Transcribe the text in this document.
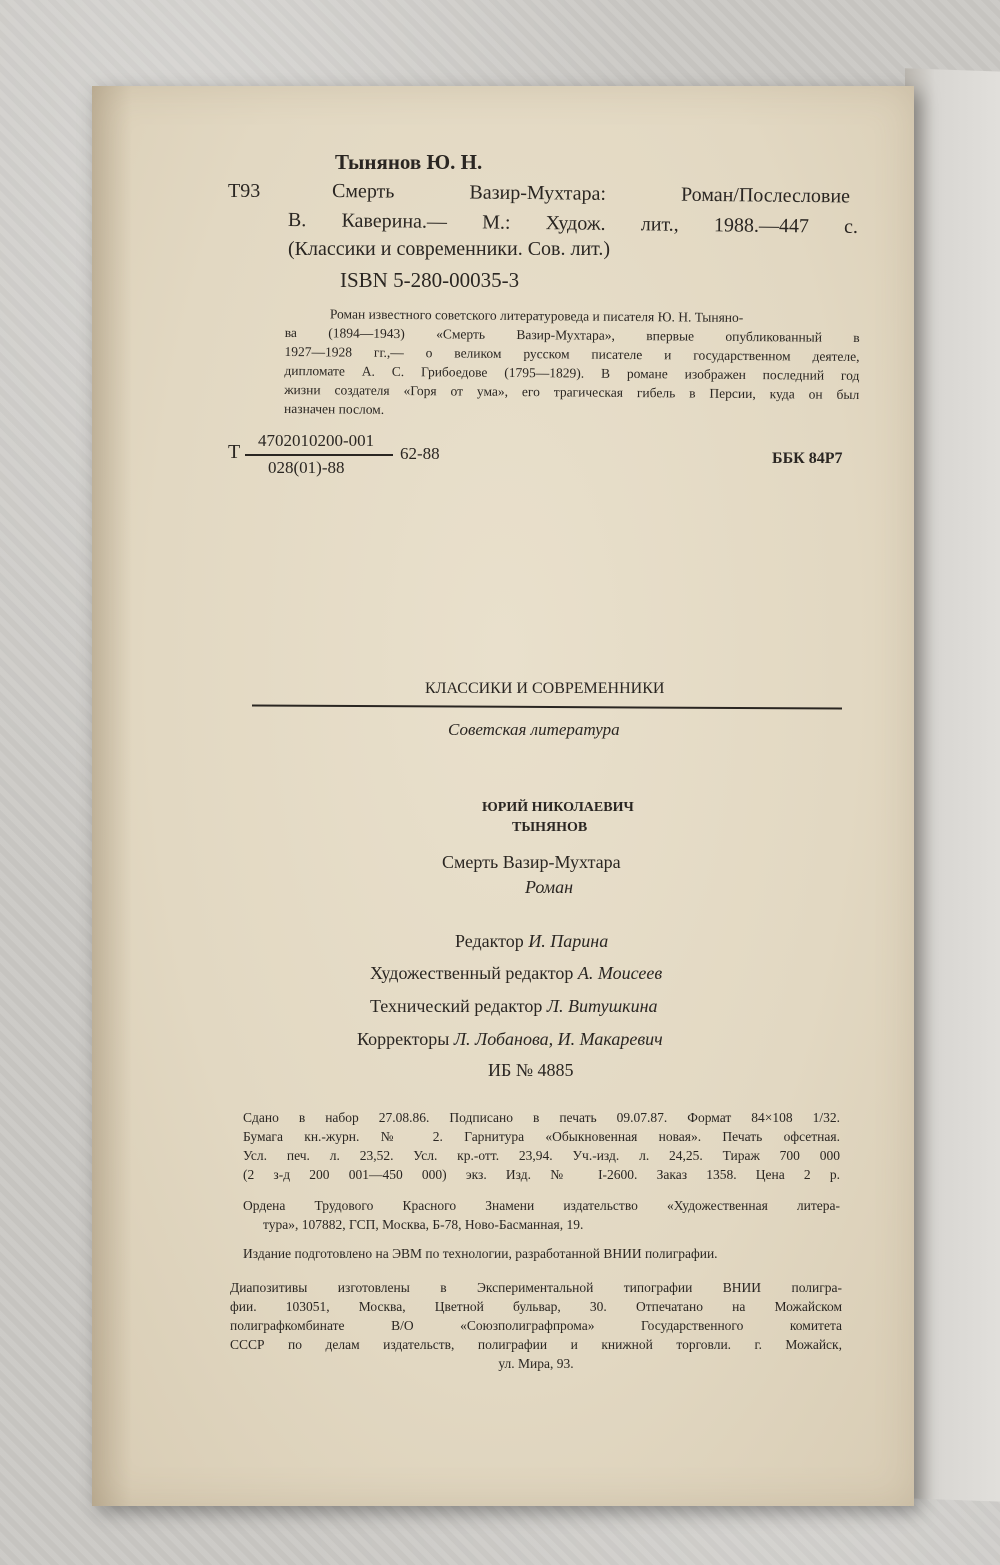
Тынянов Ю. Н.
Т93	Смерть Вазир-Мухтара: Роман/Послесловие
В. Каверина.— М.: Худож. лит., 1988.—447 с.
(Классики и современники. Сов. лит.)
ISBN 5-280-00035-3
Роман известного советского литературоведа и писателя Ю. Н. Тыняно-
ва (1894—1943) «Смерть Вазир-Мухтара», впервые опубликованный в
1927—1928 гг.,— о великом русском писателе и государственном деятеле,
дипломате А. С. Грибоедове (1795—1829). В романе изображен последний год
жизни создателя «Горя от ума», его трагическая гибель в Персии, куда он был
назначен послом.
Т
4702010200-001
028(01)-88
62-88	ББК 84Р7
КЛАССИКИ И СОВРЕМЕННИКИ
Советская литература
ЮРИЙ НИКОЛАЕВИЧ
ТЫНЯНОВ
Смерть Вазир-Мухтара
Роман
Редактор И. Парина
Художественный редактор А. Моисеев
Технический редактор Л. Витушкина
Корректоры Л. Лобанова, И. Макаревич
ИБ № 4885
Сдано в набор 27.08.86. Подписано в печать 09.07.87. Формат 84×108 1/32.
Бумага кн.-журн. № 2. Гарнитура «Обыкновенная новая». Печать офсетная.
Усл. печ. л. 23,52. Усл. кр.-отт. 23,94. Уч.-изд. л. 24,25. Тираж 700 000
(2 з-д 200 001—450 000) экз. Изд. № I-2600. Заказ 1358. Цена 2 р.
Ордена Трудового Красного Знамени издательство «Художественная литера-
тура», 107882, ГСП, Москва, Б-78, Ново-Басманная, 19.
Издание подготовлено на ЭВМ по технологии, разработанной ВНИИ полиграфии.
Диапозитивы изготовлены в Экспериментальной типографии ВНИИ полигра-
фии. 103051, Москва, Цветной бульвар, 30. Отпечатано на Можайском
полиграфкомбинате В/О «Союзполиграфпрома» Государственного комитета
СССР по делам издательств, полиграфии и книжной торговли. г. Можайск,
ул. Мира, 93.
